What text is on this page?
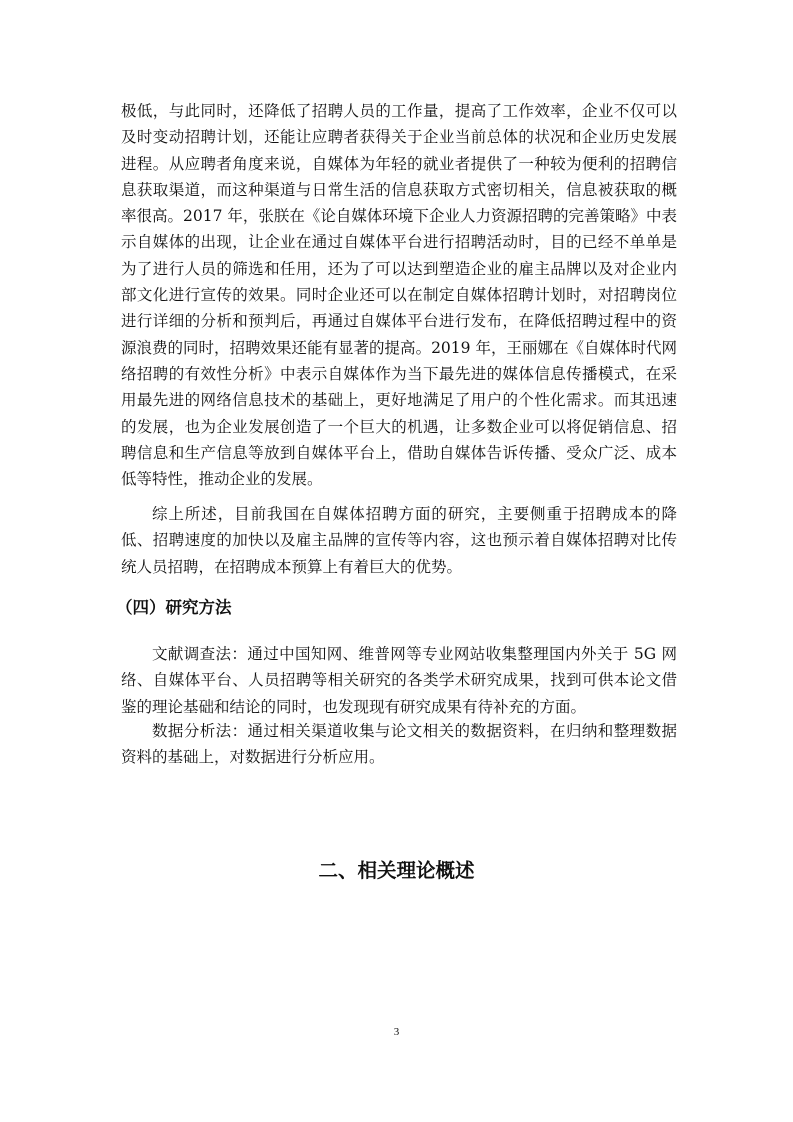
极低，与此同时，还降低了招聘人员的工作量，提高了工作效率，企业不仅可以及时变动招聘计划，还能让应聘者获得关于企业当前总体的状况和企业历史发展进程。从应聘者角度来说，自媒体为年轻的就业者提供了一种较为便利的招聘信息获取渠道，而这种渠道与日常生活的信息获取方式密切相关，信息被获取的概率很高。2017 年，张朕在《论自媒体环境下企业人力资源招聘的完善策略》中表示自媒体的出现，让企业在通过自媒体平台进行招聘活动时，目的已经不单单是为了进行人员的筛选和任用，还为了可以达到塑造企业的雇主品牌以及对企业内部文化进行宣传的效果。同时企业还可以在制定自媒体招聘计划时，对招聘岗位进行详细的分析和预判后，再通过自媒体平台进行发布，在降低招聘过程中的资源浪费的同时，招聘效果还能有显著的提高。2019 年，王丽娜在《自媒体时代网络招聘的有效性分析》中表示自媒体作为当下最先进的媒体信息传播模式，在采用最先进的网络信息技术的基础上，更好地满足了用户的个性化需求。而其迅速的发展，也为企业发展创造了一个巨大的机遇，让多数企业可以将促销信息、招聘信息和生产信息等放到自媒体平台上，借助自媒体告诉传播、受众广泛、成本低等特性，推动企业的发展。

综上所述，目前我国在自媒体招聘方面的研究，主要侧重于招聘成本的降低、招聘速度的加快以及雇主品牌的宣传等内容，这也预示着自媒体招聘对比传统人员招聘，在招聘成本预算上有着巨大的优势。

（四）研究方法

文献调查法：通过中国知网、维普网等专业网站收集整理国内外关于 5G 网络、自媒体平台、人员招聘等相关研究的各类学术研究成果，找到可供本论文借鉴的理论基础和结论的同时，也发现现有研究成果有待补充的方面。

数据分析法：通过相关渠道收集与论文相关的数据资料，在归纳和整理数据资料的基础上，对数据进行分析应用。

二、相关理论概述
3
